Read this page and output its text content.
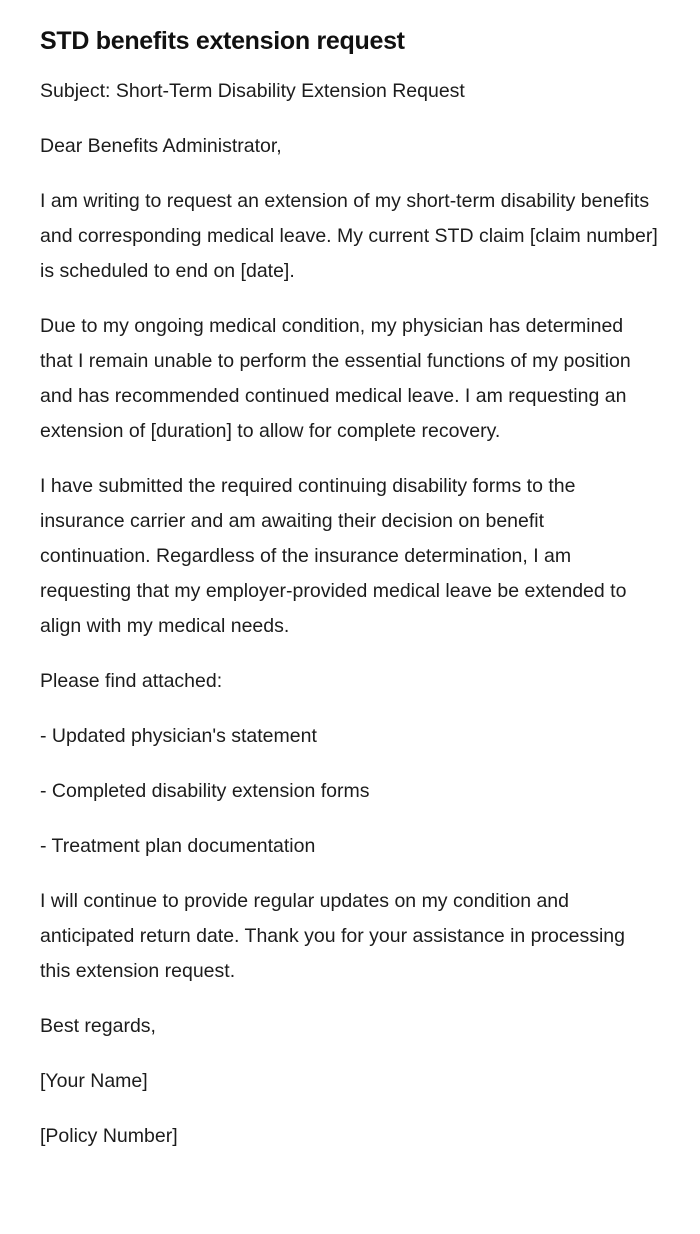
STD benefits extension request

Subject: Short-Term Disability Extension Request

Dear Benefits Administrator,

I am writing to request an extension of my short-term disability benefits and corresponding medical leave. My current STD claim [claim number] is scheduled to end on [date].

Due to my ongoing medical condition, my physician has determined that I remain unable to perform the essential functions of my position and has recommended continued medical leave. I am requesting an extension of [duration] to allow for complete recovery.

I have submitted the required continuing disability forms to the insurance carrier and am awaiting their decision on benefit continuation. Regardless of the insurance determination, I am requesting that my employer-provided medical leave be extended to align with my medical needs.

Please find attached:

- Updated physician's statement

- Completed disability extension forms

- Treatment plan documentation

I will continue to provide regular updates on my condition and anticipated return date. Thank you for your assistance in processing this extension request.

Best regards,

[Your Name]

[Policy Number]
